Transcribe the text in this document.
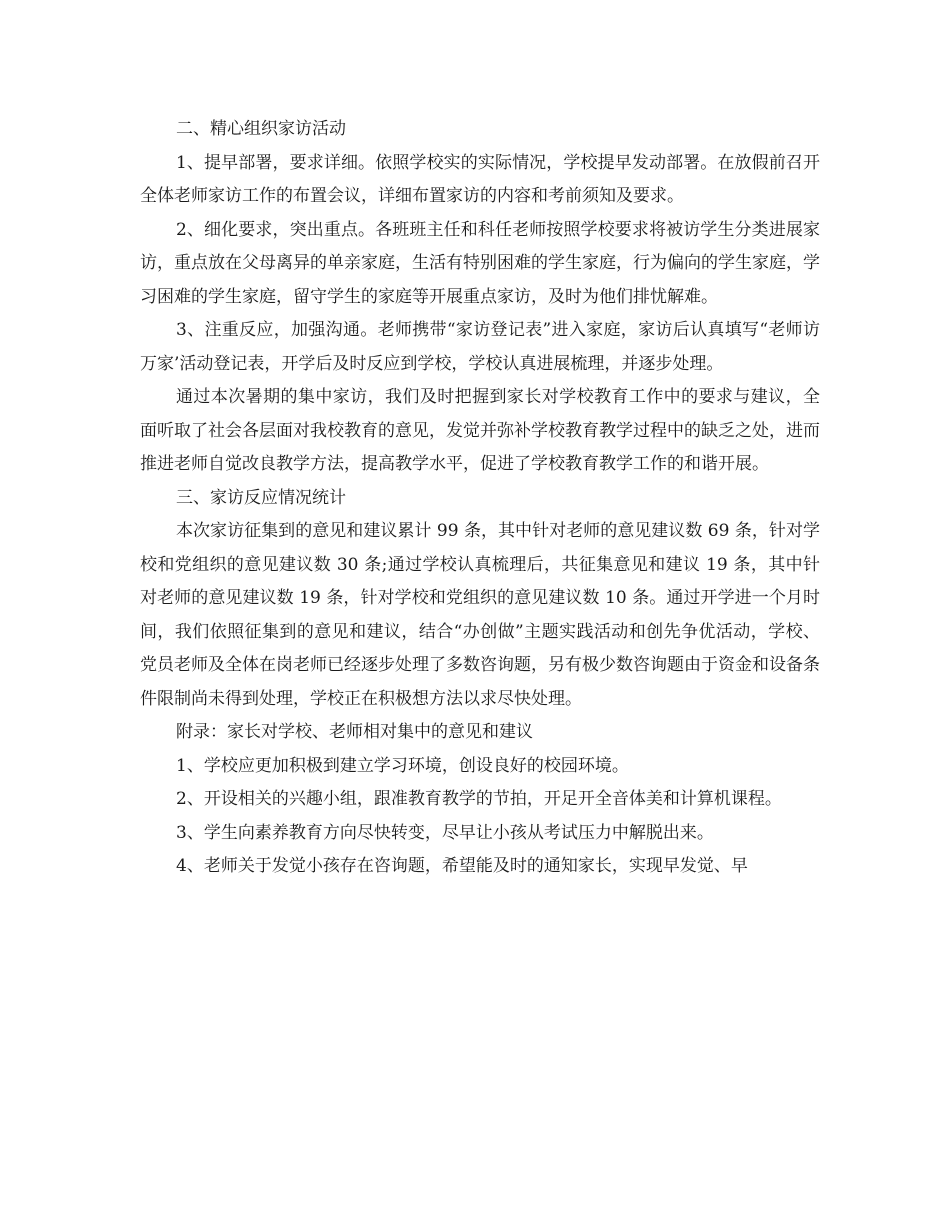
二、精心组织家访活动

1、提早部署，要求详细。依照学校实的实际情况，学校提早发动部署。在放假前召开全体老师家访工作的布置会议，详细布置家访的内容和考前须知及要求。

2、细化要求，突出重点。各班班主任和科任老师按照学校要求将被访学生分类进展家访，重点放在父母离异的单亲家庭，生活有特别困难的学生家庭，行为偏向的学生家庭，学习困难的学生家庭，留守学生的家庭等开展重点家访，及时为他们排忧解难。

3、注重反应，加强沟通。老师携带“家访登记表”进入家庭，家访后认真填写“老师访万家’活动登记表，开学后及时反应到学校，学校认真进展梳理，并逐步处理。

通过本次暑期的集中家访，我们及时把握到家长对学校教育工作中的要求与建议，全面听取了社会各层面对我校教育的意见，发觉并弥补学校教育教学过程中的缺乏之处，进而推进老师自觉改良教学方法，提高教学水平，促进了学校教育教学工作的和谐开展。

三、家访反应情况统计

本次家访征集到的意见和建议累计 99 条，其中针对老师的意见建议数 69 条，针对学校和党组织的意见建议数 30 条;通过学校认真梳理后，共征集意见和建议 19 条，其中针对老师的意见建议数 19 条，针对学校和党组织的意见建议数 10 条。通过开学进一个月时间，我们依照征集到的意见和建议，结合“办创做”主题实践活动和创先争优活动，学校、党员老师及全体在岗老师已经逐步处理了多数咨询题，另有极少数咨询题由于资金和设备条件限制尚未得到处理，学校正在积极想方法以求尽快处理。

附录：家长对学校、老师相对集中的意见和建议

1、学校应更加积极到建立学习环境，创设良好的校园环境。

2、开设相关的兴趣小组，跟准教育教学的节拍，开足开全音体美和计算机课程。

3、学生向素养教育方向尽快转变，尽早让小孩从考试压力中解脱出来。

4、老师关于发觉小孩存在咨询题，希望能及时的通知家长，实现早发觉、早
